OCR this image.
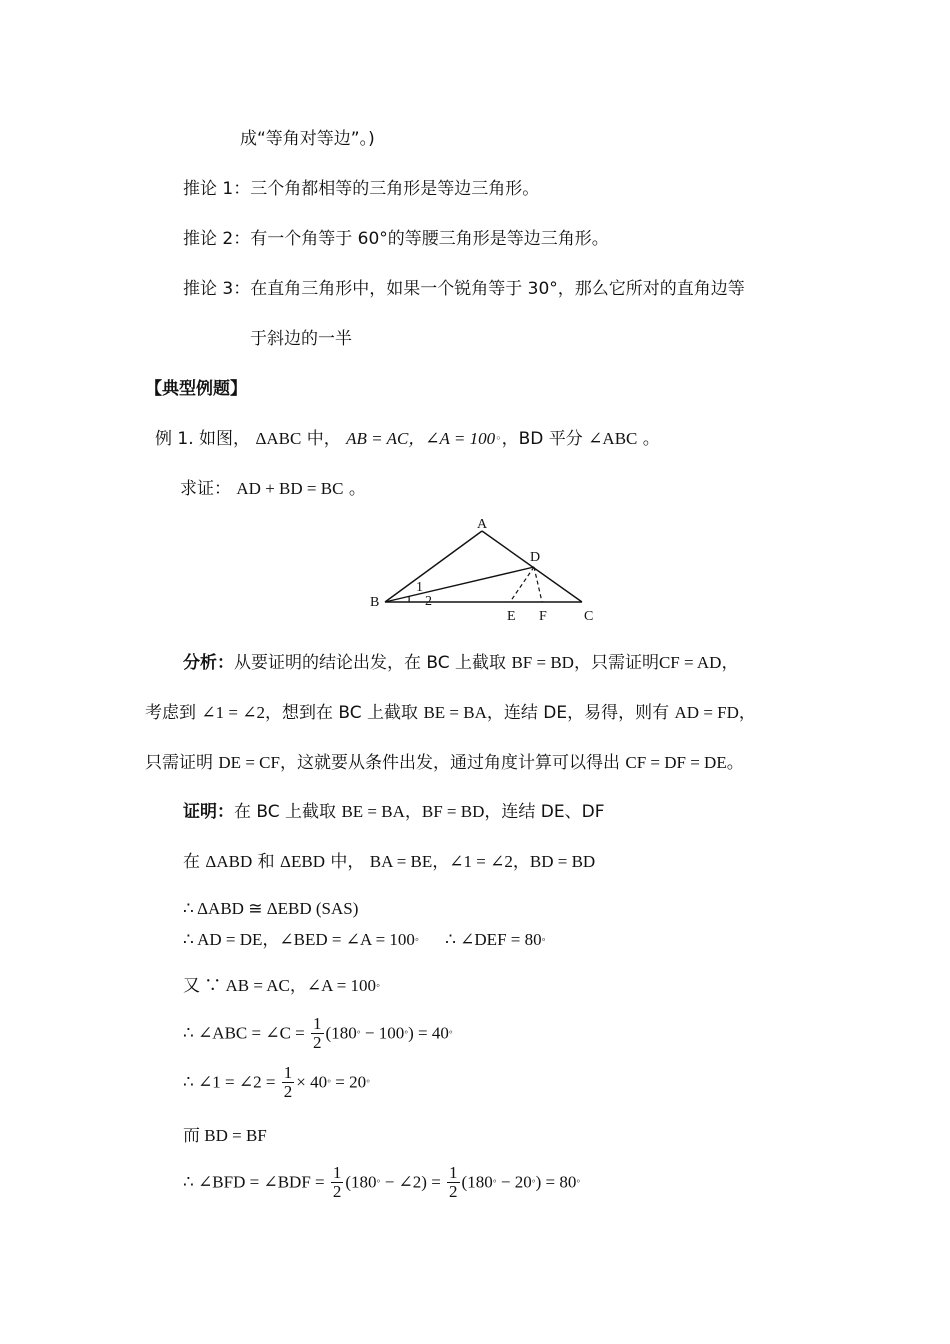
成“等角对等边”。)
推论 1：三个角都相等的三角形是等边三角形。
推论 2：有一个角等于 60°的等腰三角形是等边三角形。
推论 3：在直角三角形中，如果一个锐角等于 30°，那么它所对的直角边等
于斜边的一半
【典型例题】
例 1. 如图， ΔABC 中， AB = AC，∠A = 100◦，BD 平分 ∠ABC 。
求证： AD + BD = BC 。
A
B
C
D
E F
1
2
分析：从要证明的结论出发，在 BC 上截取 BF = BD，只需证明CF = AD，
考虑到 ∠1 = ∠2，想到在 BC 上截取 BE = BA，连结 DE，易得，则有 AD = FD，
只需证明 DE = CF，这就要从条件出发，通过角度计算可以得出 CF = DF = DE。
证明：在 BC 上截取 BE = BA，BF = BD，连结 DE、DF
在 ΔABD 和 ΔEBD 中， BA = BE，∠1 = ∠2，BD = BD
∴ ΔABD ≅ ΔEBD (SAS)
∴ AD = DE，∠BED = ∠A = 100◦ ∴ ∠DEF = 80◦
又 ∵ AB = AC，∠A = 100◦
∴ ∠ABC = ∠C = $\frac{1}{2}$ (180◦ − 100◦) = 40◦
∴ ∠1 = ∠2 = $\frac{1}{2}$ × 40◦ = 20◦
而 BD = BF
∴ ∠BFD = ∠BDF = $\frac{1}{2}$ (180◦ − ∠2) = $\frac{1}{2}$ (180◦ − 20◦) = 80◦
